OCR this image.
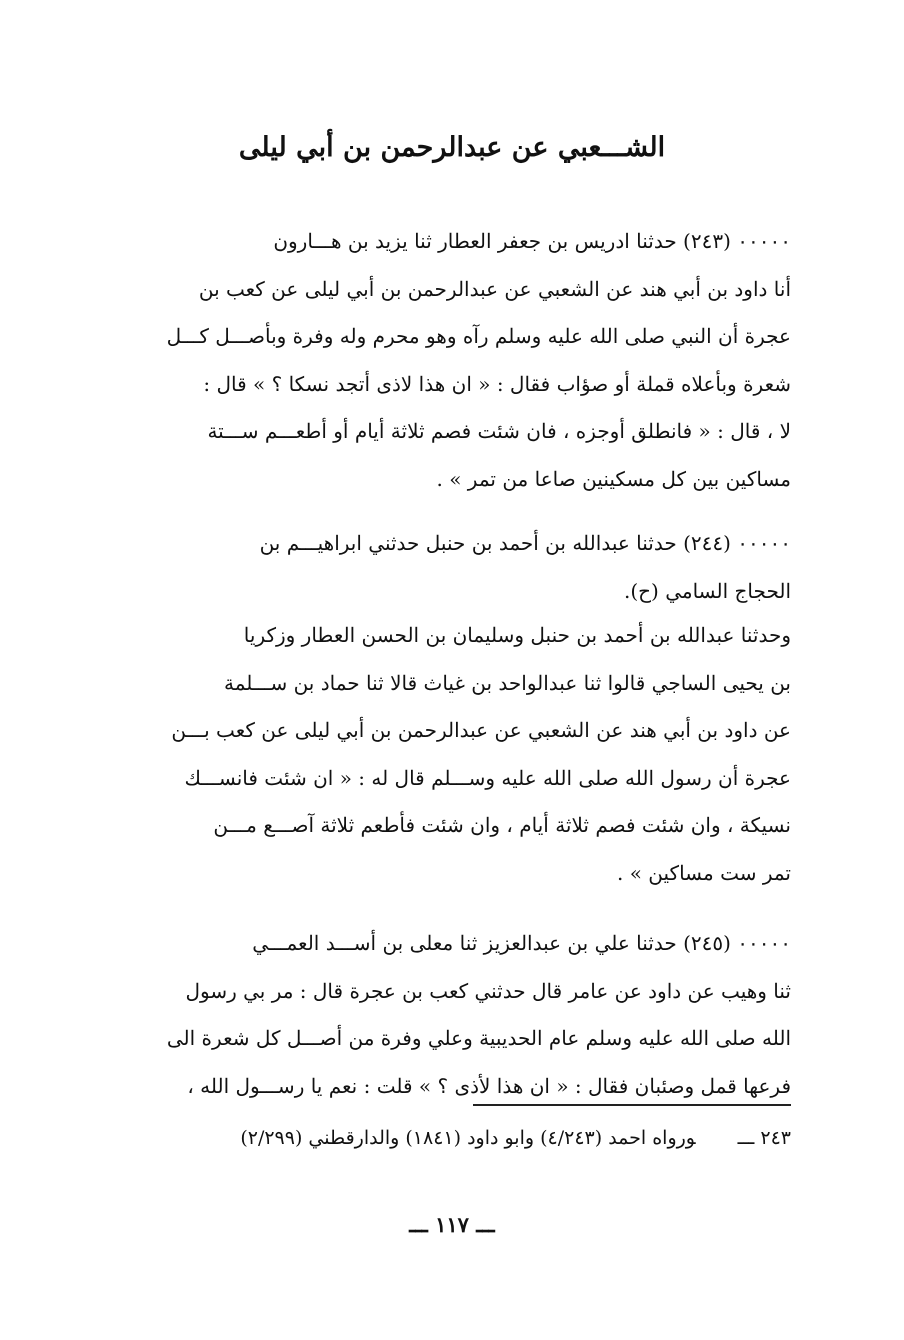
الشـــعبي عن عبدالرحمن بن أبي ليلى
٠٠٠٠٠ (٢٤٣) حدثنا ادريس بن جعفر العطار ثنا يزيد بن هـــارون
أنا داود بن أبي هند عن الشعبي عن عبدالرحمن بن أبي ليلى عن كعب بن
عجرة أن النبي صلى الله عليه وسلم رآه وهو محرم وله وفرة وبأصـــل كـــل
شعرة وبأعلاه قملة أو صؤاب فقال : « ان هذا لاذى أتجد نسكا ؟ » قال :
لا ، قال : « فانطلق أوجزه ، فان شئت فصم ثلاثة أيام أو أطعـــم ســـتة
مساكين بين كل مسكينين صاعا من تمر » .
٠٠٠٠٠ (٢٤٤) حدثنا عبدالله بن أحمد بن حنبل حدثني ابراهيـــم بن
الحجاج السامي (ح).
وحدثنا عبدالله بن أحمد بن حنبل وسليمان بن الحسن العطار وزكريا
بن يحيى الساجي قالوا ثنا عبدالواحد بن غياث قالا ثنا حماد بن ســـلمة
عن داود بن أبي هند عن الشعبي عن عبدالرحمن بن أبي ليلى عن كعب بـــن
عجرة أن رسول الله صلى الله عليه وســـلم قال له : « ان شئت فانســـك
نسيكة ، وان شئت فصم ثلاثة أيام ، وان شئت فأطعم ثلاثة آصـــع مـــن
تمر ست مساكين » .
٠٠٠٠٠ (٢٤٥) حدثنا علي بن عبدالعزيز ثنا معلى بن أســـد العمـــي
ثنا وهيب عن داود عن عامر قال حدثني كعب بن عجرة قال : مر بي رسول
الله صلى الله عليه وسلم عام الحديبية وعلي وفرة من أصـــل كل شعرة الى
فرعها قمل وصئبان فقال : « ان هذا لأذى ؟ » قلت : نعم يا رســـول الله ،
٢٤٣ ـــورواه احمد (٤/٢٤٣) وابو داود (١٨٤١) والدارقطني (٢/٢٩٩)
ـــ ١١٧ ـــ
